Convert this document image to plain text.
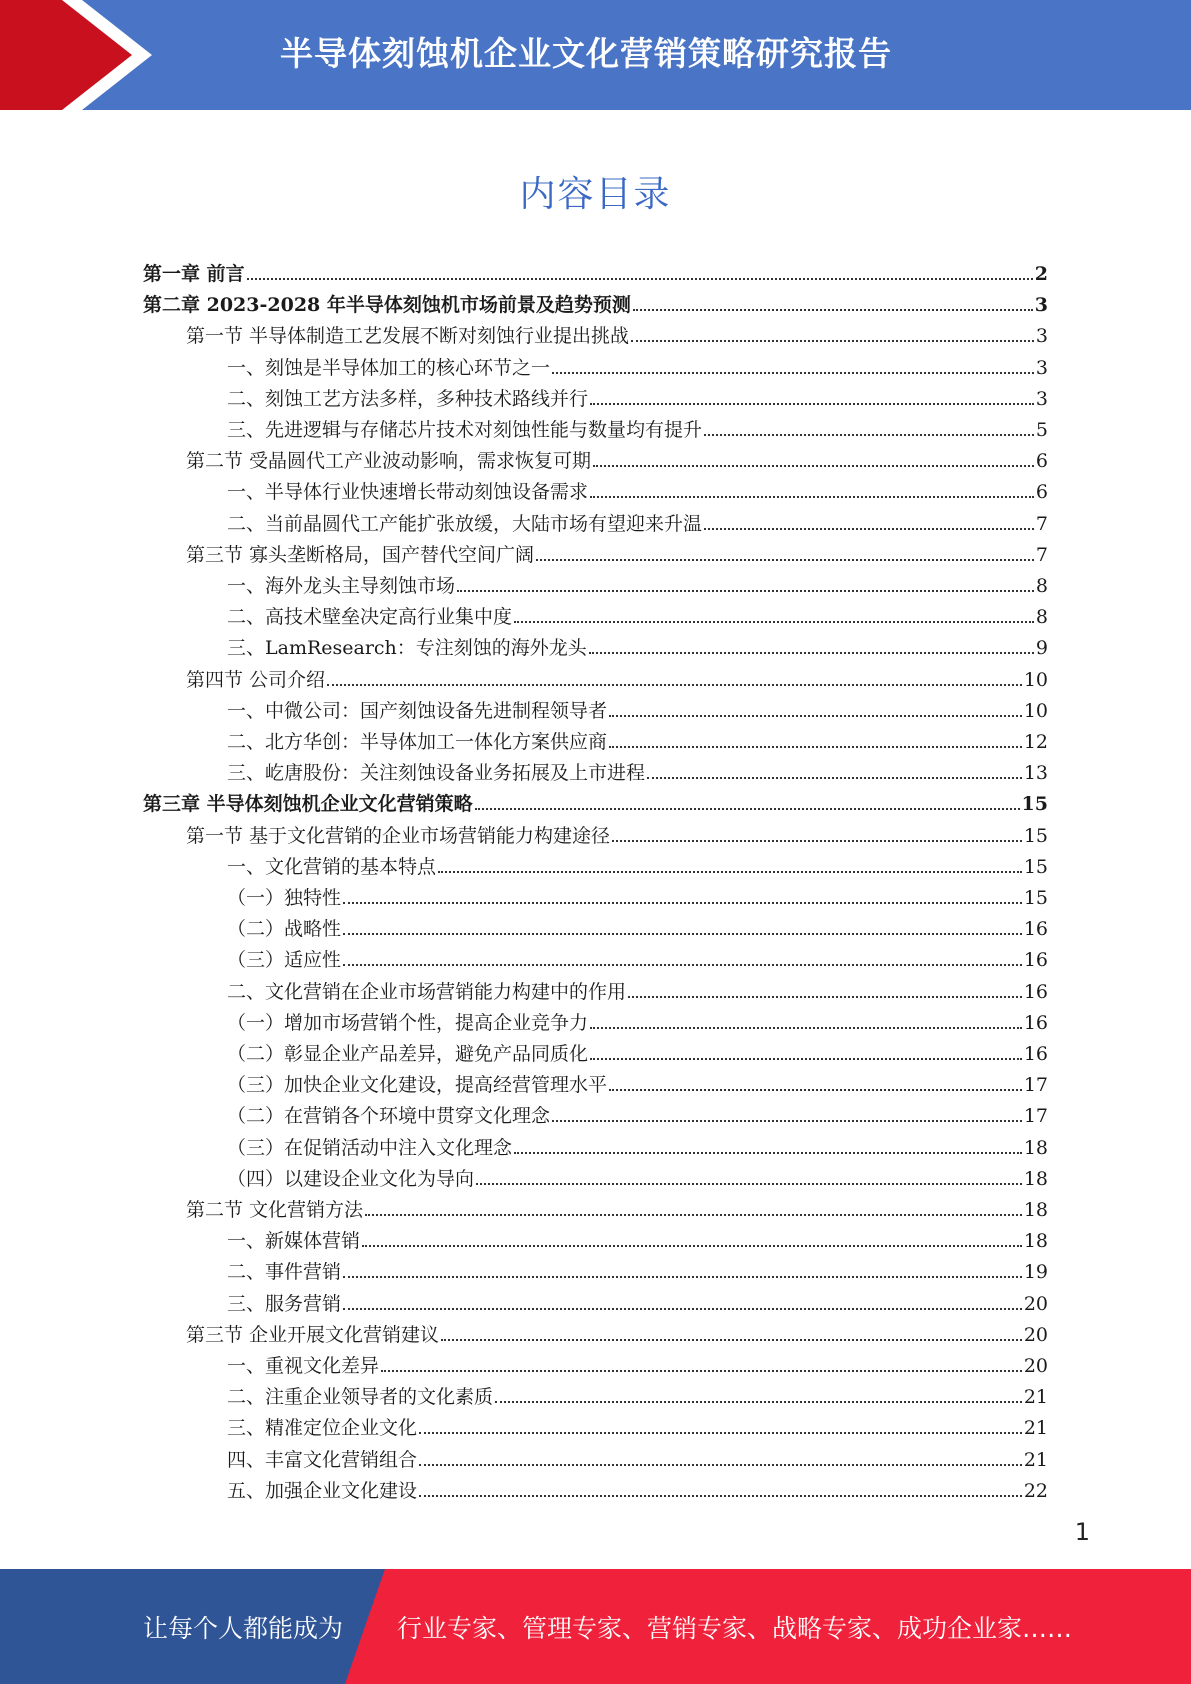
半导体刻蚀机企业文化营销策略研究报告
内容目录
第一章 前言	2
第二章 2023-2028 年半导体刻蚀机市场前景及趋势预测	3
第一节 半导体制造工艺发展不断对刻蚀行业提出挑战	3
一、刻蚀是半导体加工的核心环节之一	3
二、刻蚀工艺方法多样，多种技术路线并行	3
三、先进逻辑与存储芯片技术对刻蚀性能与数量均有提升	5
第二节 受晶圆代工产业波动影响，需求恢复可期	6
一、半导体行业快速增长带动刻蚀设备需求	6
二、当前晶圆代工产能扩张放缓，大陆市场有望迎来升温	7
第三节 寡头垄断格局，国产替代空间广阔	7
一、海外龙头主导刻蚀市场	8
二、高技术壁垒决定高行业集中度	8
三、LamResearch：专注刻蚀的海外龙头	9
第四节 公司介绍	10
一、中微公司：国产刻蚀设备先进制程领导者	10
二、北方华创：半导体加工一体化方案供应商	12
三、屹唐股份：关注刻蚀设备业务拓展及上市进程	13
第三章 半导体刻蚀机企业文化营销策略	15
第一节 基于文化营销的企业市场营销能力构建途径	15
一、文化营销的基本特点	15
（一）独特性	15
（二）战略性	16
（三）适应性	16
二、文化营销在企业市场营销能力构建中的作用	16
（一）增加市场营销个性，提高企业竞争力	16
（二）彰显企业产品差异，避免产品同质化	16
（三）加快企业文化建设，提高经营管理水平	17
（二）在营销各个环境中贯穿文化理念	17
（三）在促销活动中注入文化理念	18
（四）以建设企业文化为导向	18
第二节 文化营销方法	18
一、新媒体营销	18
二、事件营销	19
三、服务营销	20
第三节 企业开展文化营销建议	20
一、重视文化差异	20
二、注重企业领导者的文化素质	21
三、精准定位企业文化	21
四、丰富文化营销组合	21
五、加强企业文化建设	22
1
让每个人都能成为 行业专家、管理专家、营销专家、战略专家、成功企业家……
